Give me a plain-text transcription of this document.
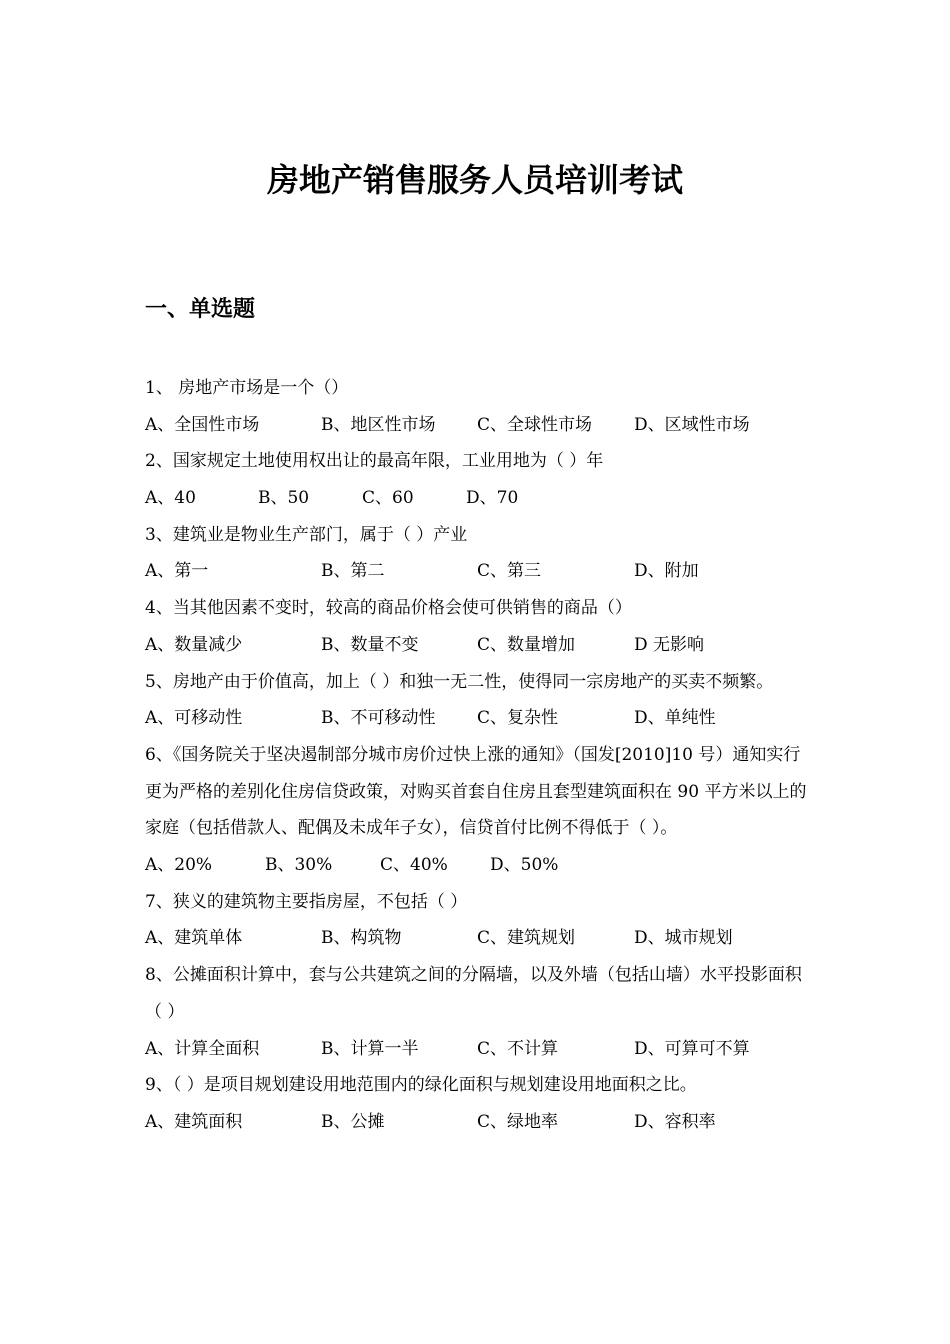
房地产销售服务人员培训考试
一、单选题

1、 房地产市场是一个（）

A、全国性市场	B、地区性市场 C、全球性市场 D、区域性市场

2、国家规定土地使用权出让的最高年限，工业用地为（ ）年

A、40	B、50	C、60	D、70

3、建筑业是物业生产部门，属于（ ）产业

A、第一	B、第二	C、第三	D、附加

4、当其他因素不变时，较高的商品价格会使可供销售的商品（）

A、数量减少	B、数量不变	C、数量增加	D 无影响

5、房地产由于价值高，加上（ ）和独一无二性，使得同一宗房地产的买卖不频繁。

A、可移动性	B、不可移动性 C、复杂性	D、单纯性

6、《国务院关于坚决遏制部分城市房价过快上涨的通知》（国发[2010]10 号）通知实行更为严格的差别化住房信贷政策，对购买首套自住房且套型建筑面积在 90 平方米以上的家庭（包括借款人、配偶及未成年子女），信贷首付比例不得低于（ ）。

A、20%	B、30%	C、40% D、50%

7、狭义的建筑物主要指房屋，不包括（ ）

A、建筑单体	B、构筑物	C、建筑规划	D、城市规划

8、公摊面积计算中，套与公共建筑之间的分隔墙，以及外墙（包括山墙）水平投影面积（ ）

A、计算全面积	B、计算一半	C、不计算	D、可算可不算

9、（ ）是项目规划建设用地范围内的绿化面积与规划建设用地面积之比。

A、建筑面积	B、公摊	C、绿地率	D、容积率
